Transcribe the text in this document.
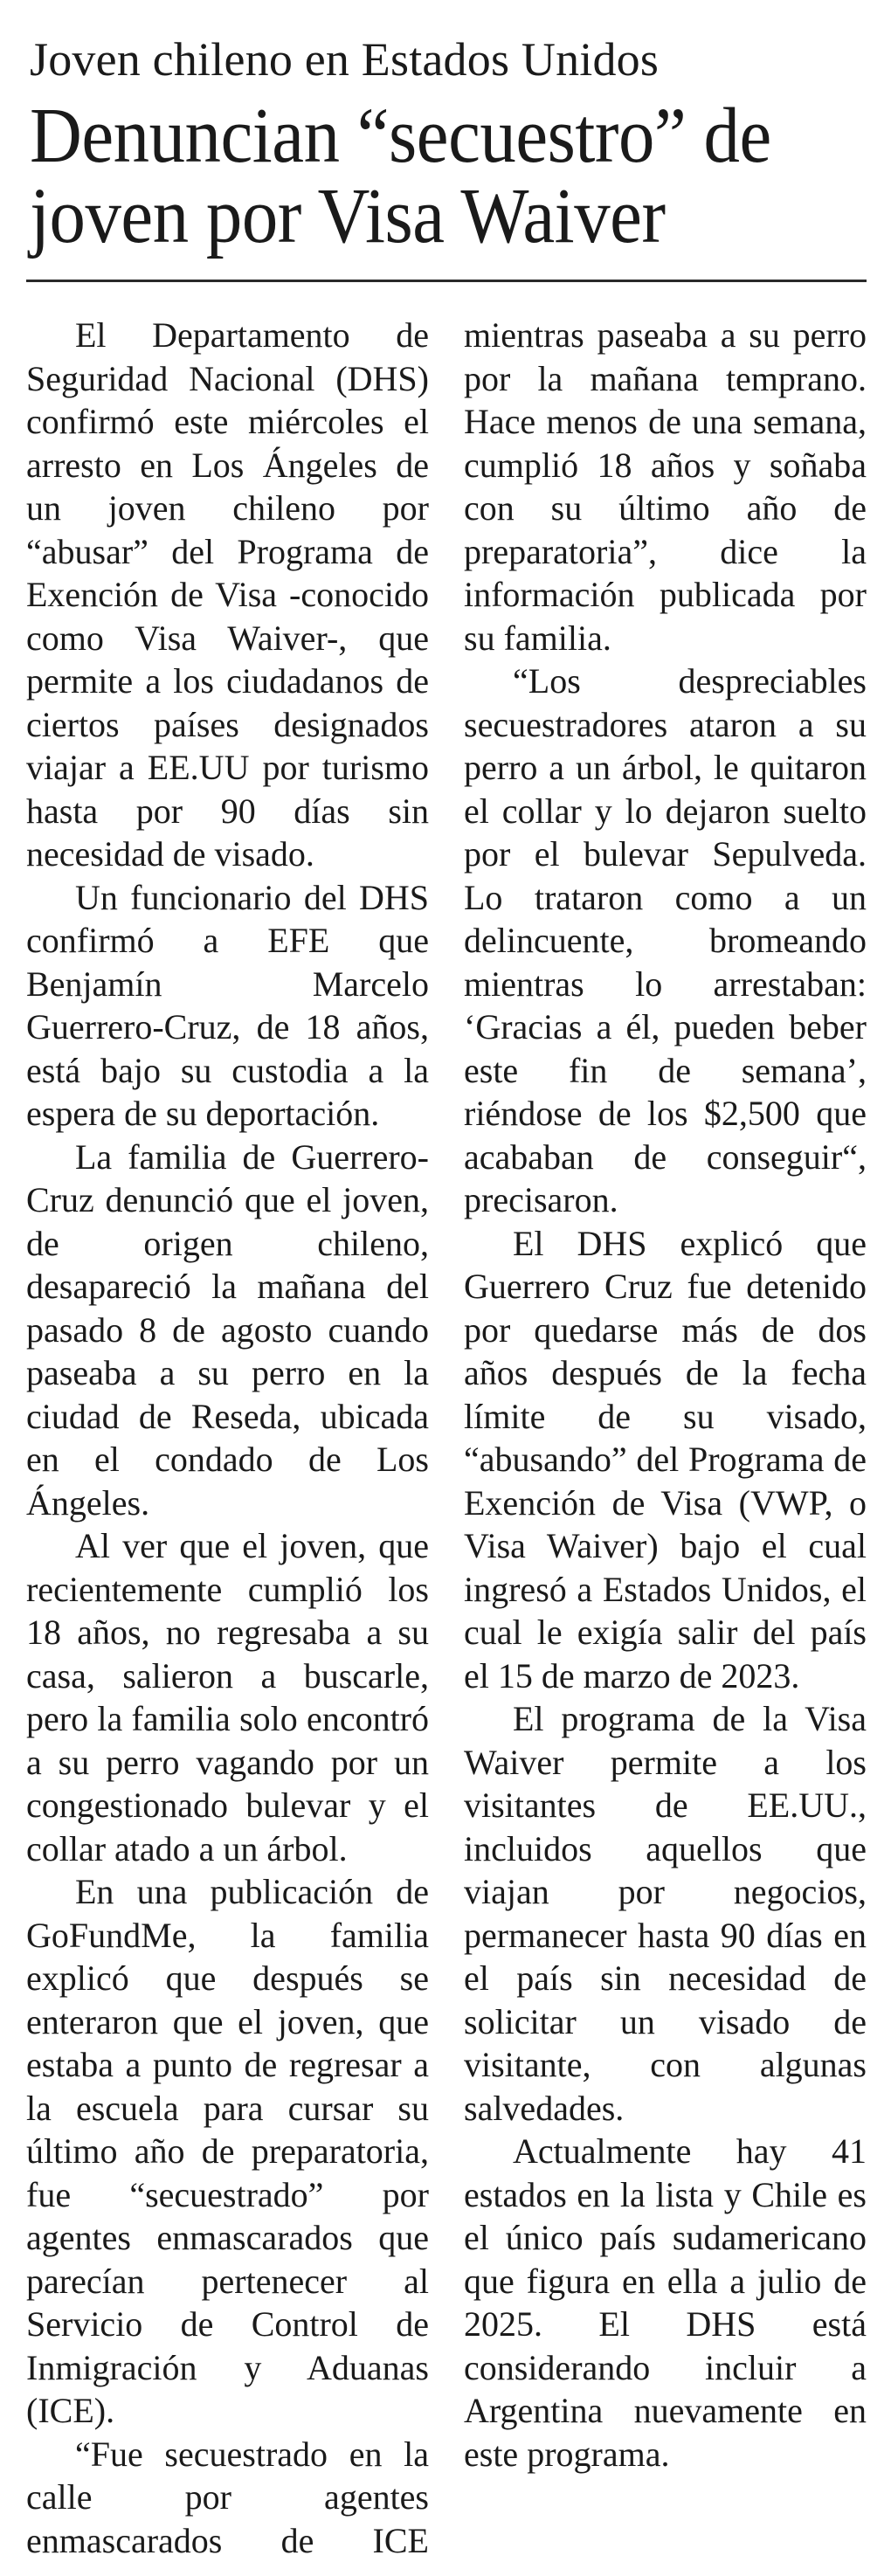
Joven chileno en Estados Unidos
Denuncian “secuestro” de joven por Visa Waiver

El Departamento de Seguridad Nacional (DHS) confirmó este miércoles el arresto en Los Ángeles de un joven chileno por “abusar” del Programa de Exención de Visa -conocido como Visa Waiver-, que permite a los ciudadanos de ciertos países designados viajar a EE.UU por turismo hasta por 90 días sin necesidad de visado.

Un funcionario del DHS confirmó a EFE que Benjamín Marcelo Guerrero-Cruz, de 18 años, está bajo su custodia a la espera de su deportación.

La familia de Guerrero- Cruz denunció que el joven, de origen chileno, desapareció la mañana del pasado 8 de agosto cuando paseaba a su perro en la ciudad de Reseda, ubicada en el condado de Los Ángeles.

Al ver que el joven, que recientemente cumplió los 18 años, no regresaba a su casa, salieron a buscarle, pero la familia solo encontró a su perro vagando por un congestionado bulevar y el collar atado a un árbol.

En una publicación de GoFundMe, la familia explicó que después se enteraron que el joven, que estaba a punto de regresar a la escuela para cursar su último año de preparatoria, fue “secuestrado” por agentes enmascarados que parecían pertenecer al Servicio de Control de Inmigración y Aduanas (ICE).

“Fue secuestrado en la calle por agentes enmascarados de ICE mientras paseaba a su perro por la mañana temprano. Hace menos de una semana, cumplió 18 años y soñaba con su último año de preparatoria”, dice la información publicada por su familia.

“Los despreciables secuestradores ataron a su perro a un árbol, le quitaron el collar y lo dejaron suelto por el bulevar Sepulveda. Lo trataron como a un delincuente, bromeando mientras lo arrestaban: ‘Gracias a él, pueden beber este fin de semana’, riéndose de los $2,500 que acababan de conseguir“, precisaron.

El DHS explicó que Guerrero Cruz fue detenido por quedarse más de dos años después de la fecha límite de su visado, “abusando” del Programa de Exención de Visa (VWP, o Visa Waiver) bajo el cual ingresó a Estados Unidos, el cual le exigía salir del país el 15 de marzo de 2023.

El programa de la Visa Waiver permite a los visitantes de EE.UU., incluidos aquellos que viajan por negocios, permanecer hasta 90 días en el país sin necesidad de solicitar un visado de visitante, con algunas salvedades.

Actualmente hay 41 estados en la lista y Chile es el único país sudamericano que figura en ella a julio de 2025. El DHS está considerando incluir a Argentina nuevamente en este programa.
